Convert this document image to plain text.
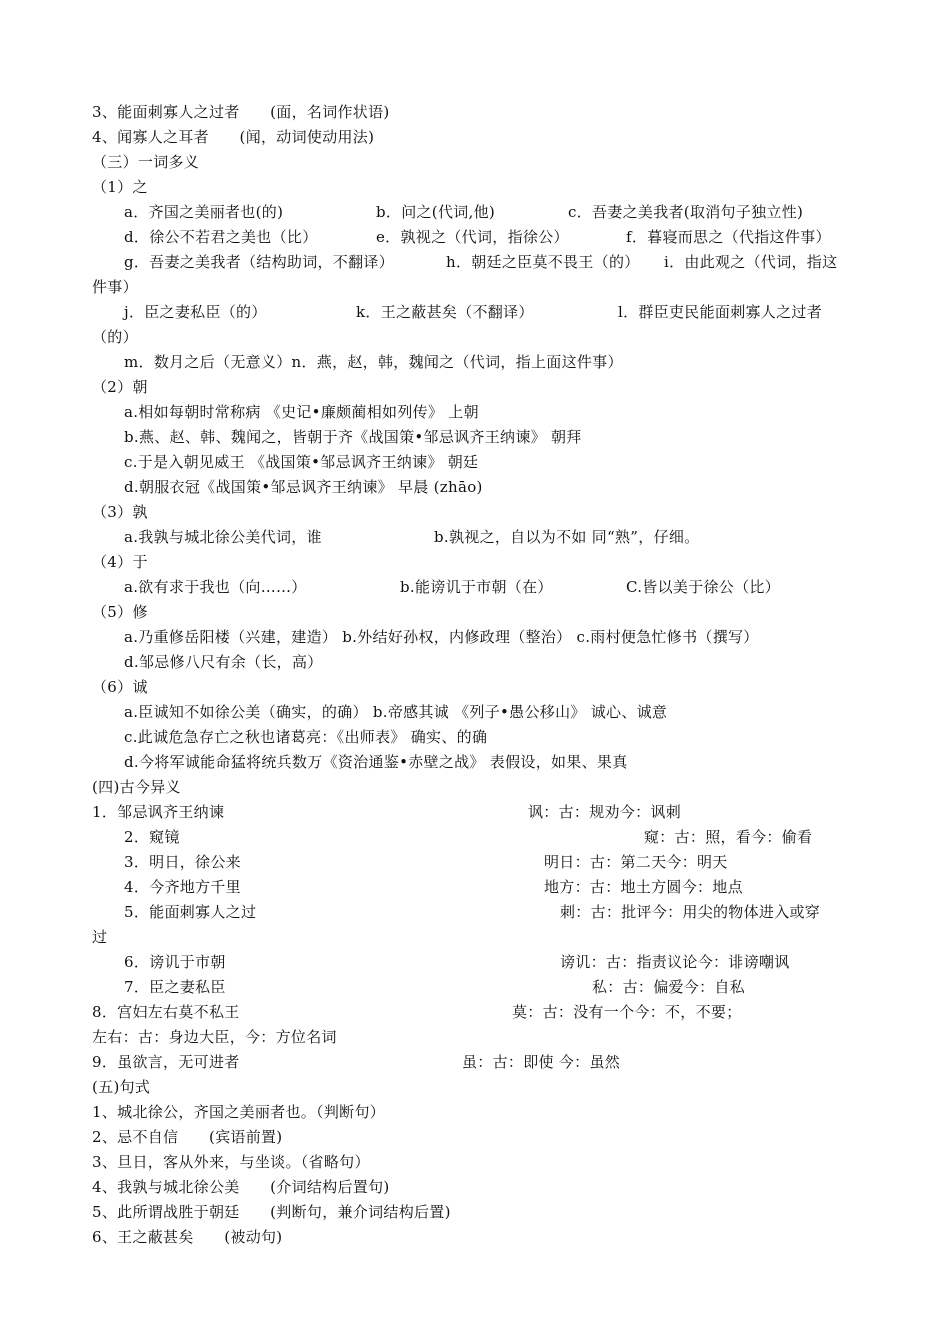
3、能面刺寡人之过者　　(面，名词作状语)
4、闻寡人之耳者　　(闻，动词使动用法)
（三）一词多义
（1）之
a．齐国之美丽者也(的)	b．问之(代词,他)	c．吾妻之美我者(取消句子独立性)
d．徐公不若君之美也（比）	e．孰视之（代词，指徐公）	f．暮寝而思之（代指这件事）
g．吾妻之美我者（结构助词，不翻译）	h．朝廷之臣莫不畏王（的） i．由此观之（代词，指这
件事）
j．臣之妻私臣（的）	k．王之蔽甚矣（不翻译）	l．群臣吏民能面刺寡人之过者
（的）
m．数月之后（无意义）n．燕，赵，韩，魏闻之（代词，指上面这件事）
（2）朝
a.相如每朝时常称病 《史记•廉颇蔺相如列传》 上朝
b.燕、赵、韩、魏闻之，皆朝于齐《战国策•邹忌讽齐王纳谏》 朝拜
c.于是入朝见威王 《战国策•邹忌讽齐王纳谏》 朝廷
d.朝服衣冠《战国策•邹忌讽齐王纳谏》 早晨 (zhāo)
（3）孰
a.我孰与城北徐公美代词，谁	b.孰视之，自以为不如 同“熟”，仔细。
（4）于
a.欲有求于我也（向……）	b.能谤讥于市朝（在）	C.皆以美于徐公（比）
（5）修
a.乃重修岳阳楼（兴建，建造） b.外结好孙权，内修政理（整治） c.雨村便急忙修书（撰写）
d.邹忌修八尺有余（长，高）
（6）诚
a.臣诚知不如徐公美（确实，的确） b.帝感其诚 《列子•愚公移山》 诚心、诚意
c.此诚危急存亡之秋也诸葛亮：《出师表》 确实、的确
d.今将军诚能命猛将统兵数万《资治通鉴•赤壁之战》 表假设，如果、果真
(四)古今异义
1．邹忌讽齐王纳谏	讽：古：规劝今：讽刺
2．窥镜	窥：古：照，看今：偷看
3．明日，徐公来	明日：古：第二天今：明天
4．今齐地方千里	地方：古：地土方圆今：地点
5．能面刺寡人之过	刺：古：批评今：用尖的物体进入或穿
过
6．谤讥于市朝	谤讥：古：指责议论今：诽谤嘲讽
7．臣之妻私臣	私：古：偏爱今：自私
8．宫妇左右莫不私王	莫：古：没有一个今：不，不要；
左右：古：身边大臣，今：方位名词
9．虽欲言，无可进者	虽：古：即使 今：虽然
(五)句式
1、城北徐公，齐国之美丽者也。（判断句）
2、忌不自信　　(宾语前置)
3、旦日，客从外来，与坐谈。（省略句）
4、我孰与城北徐公美　　(介词结构后置句)
5、此所谓战胜于朝廷　　(判断句，兼介词结构后置)
6、王之蔽甚矣　　(被动句)
